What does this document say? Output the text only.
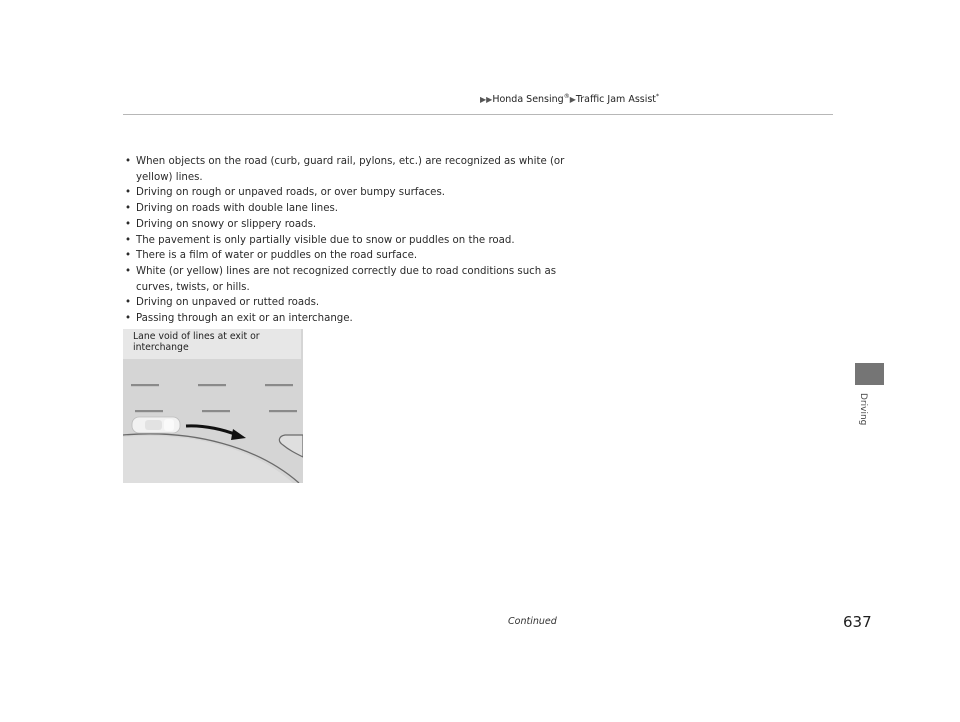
▶▶Honda Sensing®▶Traffic Jam Assist*
Driving
• When objects on the road (curb, guard rail, pylons, etc.) are recognized as white (or yellow) lines.
• Driving on rough or unpaved roads, or over bumpy surfaces.
• Driving on roads with double lane lines.
• Driving on snowy or slippery roads.
• The pavement is only partially visible due to snow or puddles on the road.
• There is a film of water or puddles on the road surface.
• White (or yellow) lines are not recognized correctly due to road conditions such as curves, twists, or hills.
• Driving on unpaved or rutted roads.
• Passing through an exit or an interchange.
Lane void of lines at exit or interchange
Continued	637
